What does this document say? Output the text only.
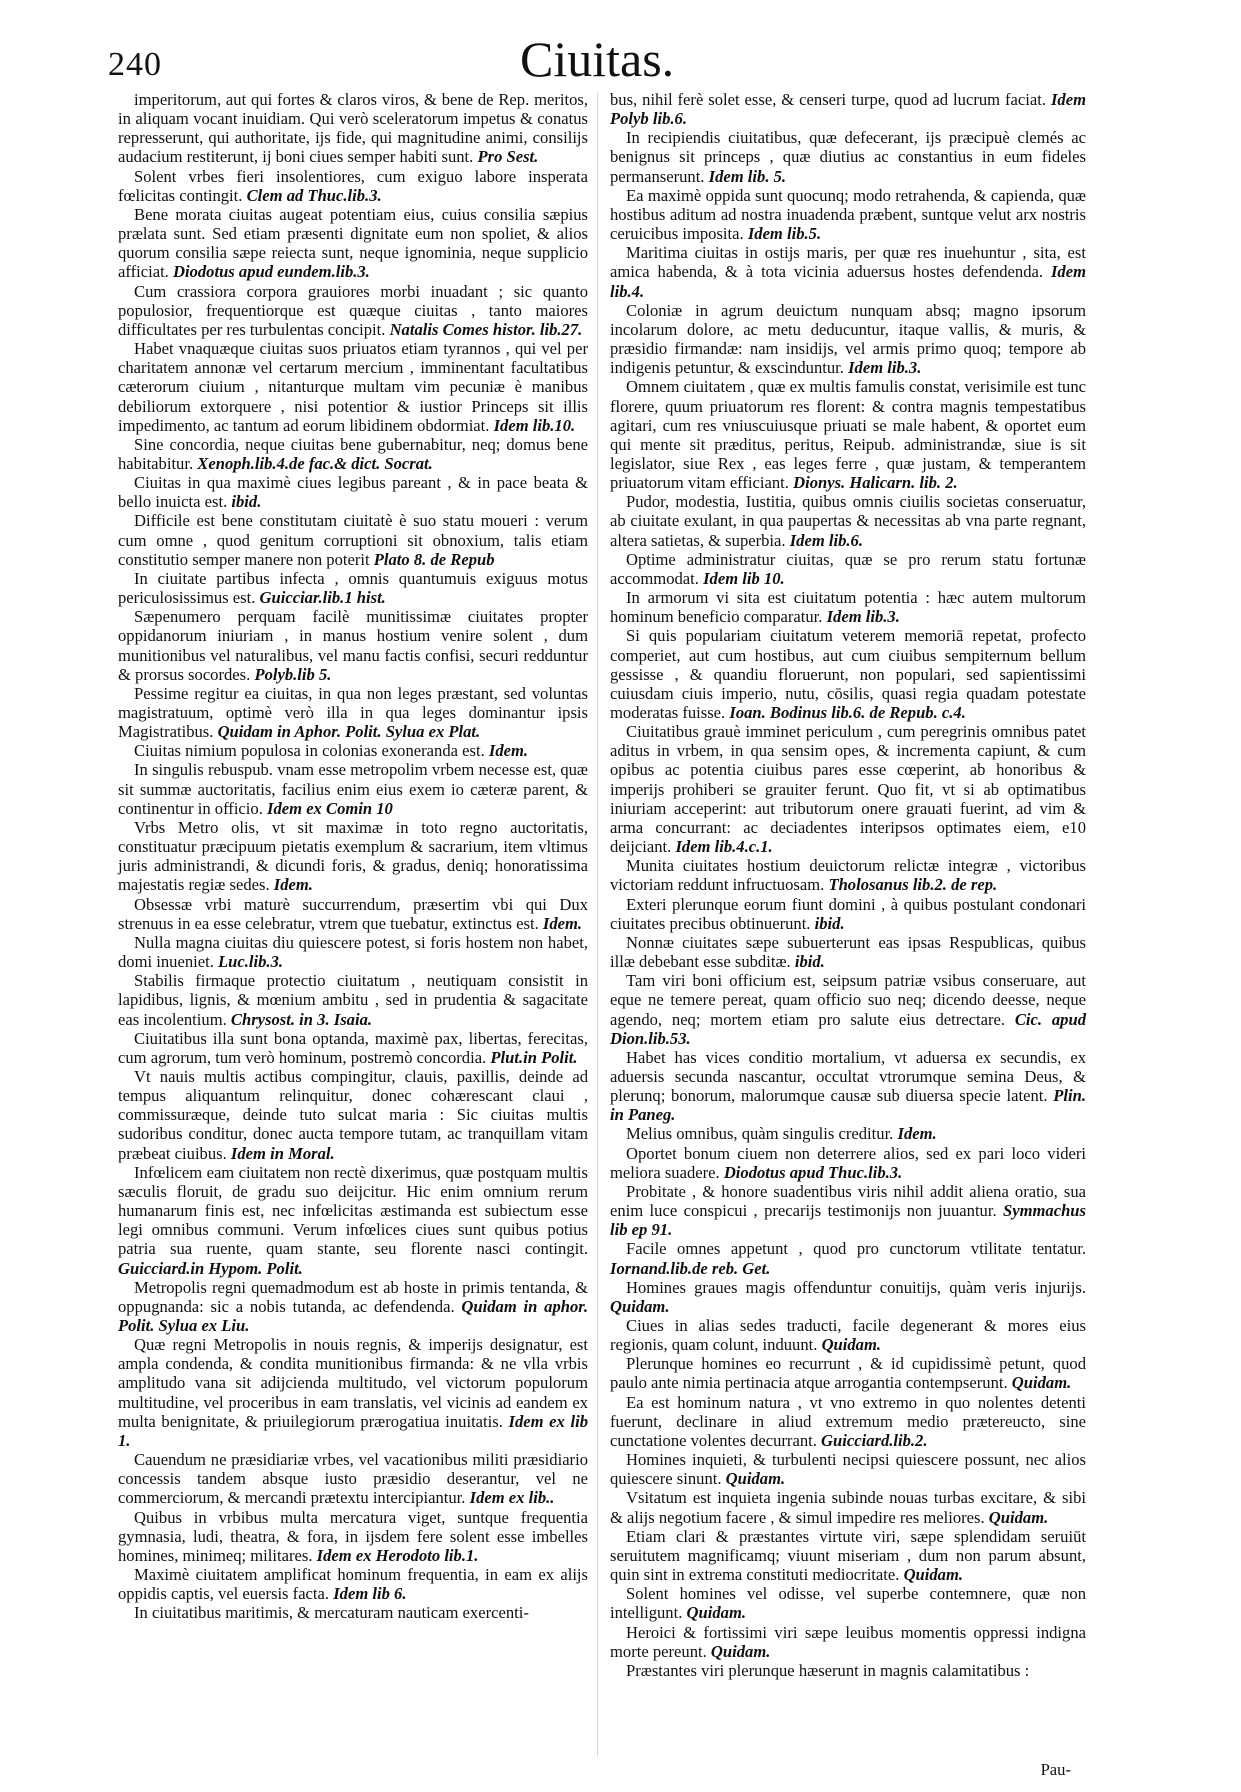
240	Ciuitas.

imperitorum, aut qui fortes & claros viros, & bene de Rep. meritos, in aliquam vocant inuidiam. Qui verò sceleratorum impetus & conatus represserunt, qui authoritate, ijs fide, qui magnitudine animi, consilijs audacium restiterunt, ij boni ciues semper habiti sunt. Pro Sest.

Solent vrbes fieri insolentiores, cum exiguo labore insperata fœlicitas contingit. Clem ad Thuc.lib.3.

Bene morata ciuitas augeat potentiam eius, cuius consilia sæpius prælata sunt. Sed etiam præsenti dignitate eum non spoliet, & alios quorum consilia sæpe reiecta sunt, neque ignominia, neque supplicio afficiat. Diodotus apud eundem.lib.3.

Cum crassiora corpora grauiores morbi inuadant ; sic quanto populosior, frequentiorque est quæque ciuitas , tanto maiores difficultates per res turbulentas concipit. Natalis Comes histor. lib.27.

Habet vnaquæque ciuitas suos priuatos etiam tyrannos , qui vel per charitatem annonæ vel certarum mercium , imminentant facultatibus cæterorum ciuium , nitanturque multam vim pecuniæ è manibus debiliorum extorquere , nisi potentior & iustior Princeps sit illis impedimento, ac tantum ad eorum libidinem obdormiat. Idem lib.10.

Sine concordia, neque ciuitas bene gubernabitur, neq; domus bene habitabitur. Xenoph.lib.4.de fac.& dict. Socrat.

Ciuitas in qua maximè ciues legibus pareant , & in pace beata & bello inuicta est. ibid.

Difficile est bene constitutam ciuitatè è suo statu moueri : verum cum omne , quod genitum corruptioni sit obnoxium, talis etiam constitutio semper manere non poterit Plato 8. de Repub

In ciuitate partibus infecta , omnis quantumuis exiguus motus periculosissimus est. Guicciar.lib.1 hist.

Sæpenumero perquam facilè munitissimæ ciuitates propter oppidanorum iniuriam , in manus hostium venire solent , dum munitionibus vel naturalibus, vel manu factis confisi, securi redduntur & prorsus socordes. Polyb.lib 5.

Pessime regitur ea ciuitas, in qua non leges præstant, sed voluntas magistratuum, optimè verò illa in qua leges dominantur ipsis Magistratibus. Quidam in Aphor. Polit. Sylua ex Plat.

Ciuitas nimium populosa in colonias exoneranda est. Idem.

In singulis rebuspub. vnam esse metropolim vrbem necesse est, quæ sit summæ auctoritatis, facilius enim eius exem io cæteræ parent, & continentur in officio. Idem ex Comin 10

Vrbs Metro olis, vt sit maximæ in toto regno auctoritatis, constituatur præcipuum pietatis exemplum & sacrarium, item vltimus juris administrandi, & dicundi foris, & gradus, deniq; honoratissima majestatis regiæ sedes. Idem.

Obsessæ vrbi maturè succurrendum, præsertim vbi qui Dux strenuus in ea esse celebratur, vtrem que tuebatur, extinctus est. Idem.

Nulla magna ciuitas diu quiescere potest, si foris hostem non habet, domi inueniet. Luc.lib.3.

Stabilis firmaque protectio ciuitatum , neutiquam consistit in lapidibus, lignis, & mœnium ambitu , sed in prudentia & sagacitate eas incolentium. Chrysost. in 3. Isaia.

Ciuitatibus illa sunt bona optanda, maximè pax, libertas, ferecitas, cum agrorum, tum verò hominum, postremò concordia. Plut.in Polit.

Vt nauis multis actibus compingitur, clauis, paxillis, deinde ad tempus aliquantum relinquitur, donec cohærescant claui , commissuræque, deinde tuto sulcat maria : Sic ciuitas multis sudoribus conditur, donec aucta tempore tutam, ac tranquillam vitam præbeat ciuibus. Idem in Moral.

Infœlicem eam ciuitatem non rectè dixerimus, quæ postquam multis sæculis floruit, de gradu suo deijcitur. Hic enim omnium rerum humanarum finis est, nec infœlicitas æstimanda est subiectum esse legi omnibus communi. Verum infœlices ciues sunt quibus potius patria sua ruente, quam stante, seu florente nasci contingit. Guicciard.in Hypom. Polit.

Metropolis regni quemadmodum est ab hoste in primis tentanda, & oppugnanda: sic a nobis tutanda, ac defendenda. Quidam in aphor. Polit. Sylua ex Liu.

Quæ regni Metropolis in nouis regnis, & imperijs designatur, est ampla condenda, & condita munitionibus firmanda: & ne vlla vrbis amplitudo vana sit adijcienda multitudo, vel victorum populorum multitudine, vel proceribus in eam translatis, vel vicinis ad eandem ex multa benignitate, & priuilegiorum prærogatiua inuitatis. Idem ex lib 1.

Cauendum ne præsidiariæ vrbes, vel vacationibus militi præsidiario concessis tandem absque iusto præsidio deserantur, vel ne commerciorum, & mercandi prætextu intercipiantur. Idem ex lib..

Quibus in vrbibus multa mercatura viget, suntque frequentia gymnasia, ludi, theatra, & fora, in ijsdem fere solent esse imbelles homines, minimeq; militares. Idem ex Herodoto lib.1.

Maximè ciuitatem amplificat hominum frequentia, in eam ex alijs oppidis captis, vel euersis facta. Idem lib 6.

In ciuitatibus maritimis, & mercaturam nauticam exercenti-

bus, nihil ferè solet esse, & censeri turpe, quod ad lucrum faciat. Idem Polyb lib.6.

In recipiendis ciuitatibus, quæ defecerant, ijs præcipuè clemés ac benignus sit princeps , quæ diutius ac constantius in eum fideles permanserunt. Idem lib. 5.

Ea maximè oppida sunt quocunq; modo retrahenda, & capienda, quæ hostibus aditum ad nostra inuadenda præbent, suntque velut arx nostris ceruicibus imposita. Idem lib.5.

Maritima ciuitas in ostijs maris, per quæ res inuehuntur , sita, est amica habenda, & à tota vicinia aduersus hostes defendenda. Idem lib.4.

Coloniæ in agrum deuictum nunquam absq; magno ipsorum incolarum dolore, ac metu deducuntur, itaque vallis, & muris, & præsidio firmandæ: nam insidijs, vel armis primo quoq; tempore ab indigenis petuntur, & exscinduntur. Idem lib.3.

Omnem ciuitatem , quæ ex multis famulis constat, verisimile est tunc florere, quum priuatorum res florent: & contra magnis tempestatibus agitari, cum res vniuscuiusque priuati se male habent, & oportet eum qui mente sit præditus, peritus, Reipub. administrandæ, siue is sit legislator, siue Rex , eas leges ferre , quæ justam, & temperantem priuatorum vitam efficiant. Dionys. Halicarn. lib. 2.

Pudor, modestia, Iustitia, quibus omnis ciuilis societas conseruatur, ab ciuitate exulant, in qua paupertas & necessitas ab vna parte regnant, altera satietas, & superbia. Idem lib.6.

Optime administratur ciuitas, quæ se pro rerum statu fortunæ accommodat. Idem lib 10.

In armorum vi sita est ciuitatum potentia : hæc autem multorum hominum beneficio comparatur. Idem lib.3.

Si quis populariam ciuitatum veterem memoriā repetat, profecto comperiet, aut cum hostibus, aut cum ciuibus sempiternum bellum gessisse , & quandiu floruerunt, non populari, sed sapientissimi cuiusdam ciuis imperio, nutu, cōsilis, quasi regia quadam potestate moderatas fuisse. Ioan. Bodinus lib.6. de Repub. c.4.

Ciuitatibus grauè imminet periculum , cum peregrinis omnibus patet aditus in vrbem, in qua sensim opes, & incrementa capiunt, & cum opibus ac potentia ciuibus pares esse cœperint, ab honoribus & imperijs prohiberi se grauiter ferunt. Quo fit, vt si ab optimatibus iniuriam acceperint: aut tributorum onere grauati fuerint, ad vim & arma concurrant: ac deciadentes interipsos optimates eiem, e10 deijciant. Idem lib.4.c.1.

Munita ciuitates hostium deuictorum relictæ integræ , victoribus victoriam reddunt infructuosam. Tholosanus lib.2. de rep.

Exteri plerunque eorum fiunt domini , à quibus postulant condonari ciuitates precibus obtinuerunt. ibid.

Nonnæ ciuitates sæpe subuerterunt eas ipsas Respublicas, quibus illæ debebant esse subditæ. ibid.

Tam viri boni officium est, seipsum patriæ vsibus conseruare, aut eque ne temere pereat, quam officio suo neq; dicendo deesse, neque agendo, neq; mortem etiam pro salute eius detrectare. Cic. apud Dion.lib.53.

Habet has vices conditio mortalium, vt aduersa ex secundis, ex aduersis secunda nascantur, occultat vtrorumque semina Deus, & plerunq; bonorum, malorumque causæ sub diuersa specie latent. Plin. in Paneg.

Melius omnibus, quàm singulis creditur. Idem.

Oportet bonum ciuem non deterrere alios, sed ex pari loco videri meliora suadere. Diodotus apud Thuc.lib.3.

Probitate , & honore suadentibus viris nihil addit aliena oratio, sua enim luce conspicui , precarijs testimonijs non juuantur. Symmachus lib ep 91.

Facile omnes appetunt , quod pro cunctorum vtilitate tentatur. Iornand.lib.de reb. Get.

Homines graues magis offenduntur conuitijs, quàm veris injurijs. Quidam.

Ciues in alias sedes traducti, facile degenerant & mores eius regionis, quam colunt, induunt. Quidam.

Plerunque homines eo recurrunt , & id cupidissimè petunt, quod paulo ante nimia pertinacia atque arrogantia contempserunt. Quidam.

Ea est hominum natura , vt vno extremo in quo nolentes detenti fuerunt, declinare in aliud extremum medio prætereucto, sine cunctatione volentes decurrant. Guicciard.lib.2.

Homines inquieti, & turbulenti necipsi quiescere possunt, nec alios quiescere sinunt. Quidam.

Vsitatum est inquieta ingenia subinde nouas turbas excitare, & sibi & alijs negotium facere , & simul impedire res meliores. Quidam.

Etiam clari & præstantes virtute viri, sæpe splendidam seruiūt seruitutem magnificamq; viuunt miseriam , dum non parum absunt, quin sint in extrema constituti mediocritate. Quidam.

Solent homines vel odisse, vel superbe contemnere, quæ non intelligunt. Quidam.

Heroici & fortissimi viri sæpe leuibus momentis oppressi indigna morte pereunt. Quidam.

Præstantes viri plerunque hæserunt in magnis calamitatibus :

Pau-
